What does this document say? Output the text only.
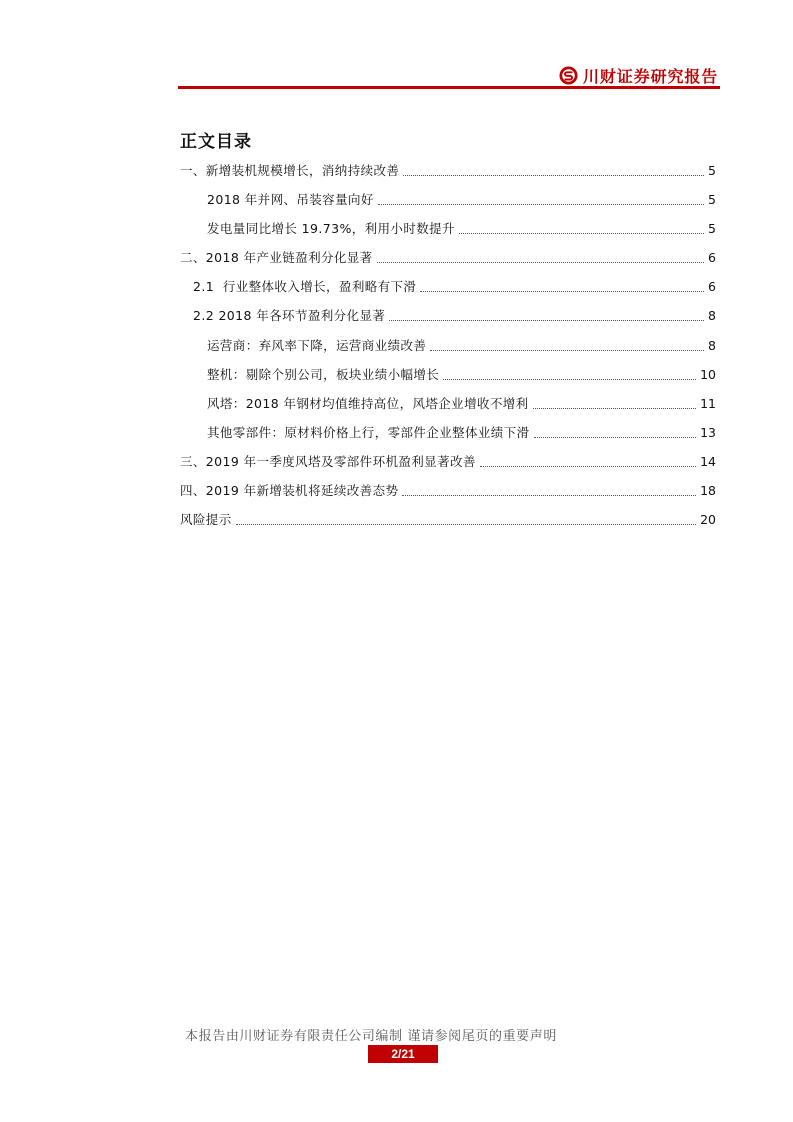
川财证券研究报告
正文目录
一、新增装机规模增长，消纳持续改善	5
2018 年并网、吊装容量向好	5
发电量同比增长 19.73%，利用小时数提升	5
二、2018 年产业链盈利分化显著	6
2.1  行业整体收入增长，盈利略有下滑	6
2.2 2018 年各环节盈利分化显著	8
运营商：弃风率下降，运营商业绩改善	8
整机：剔除个别公司，板块业绩小幅增长	10
风塔：2018 年钢材均值维持高位，风塔企业增收不增利	11
其他零部件：原材料价格上行，零部件企业整体业绩下滑	13
三、2019 年一季度风塔及零部件环机盈利显著改善	14
四、2019 年新增装机将延续改善态势	18
风险提示	20
本报告由川财证券有限责任公司编制 谨请参阅尾页的重要声明
2/21
